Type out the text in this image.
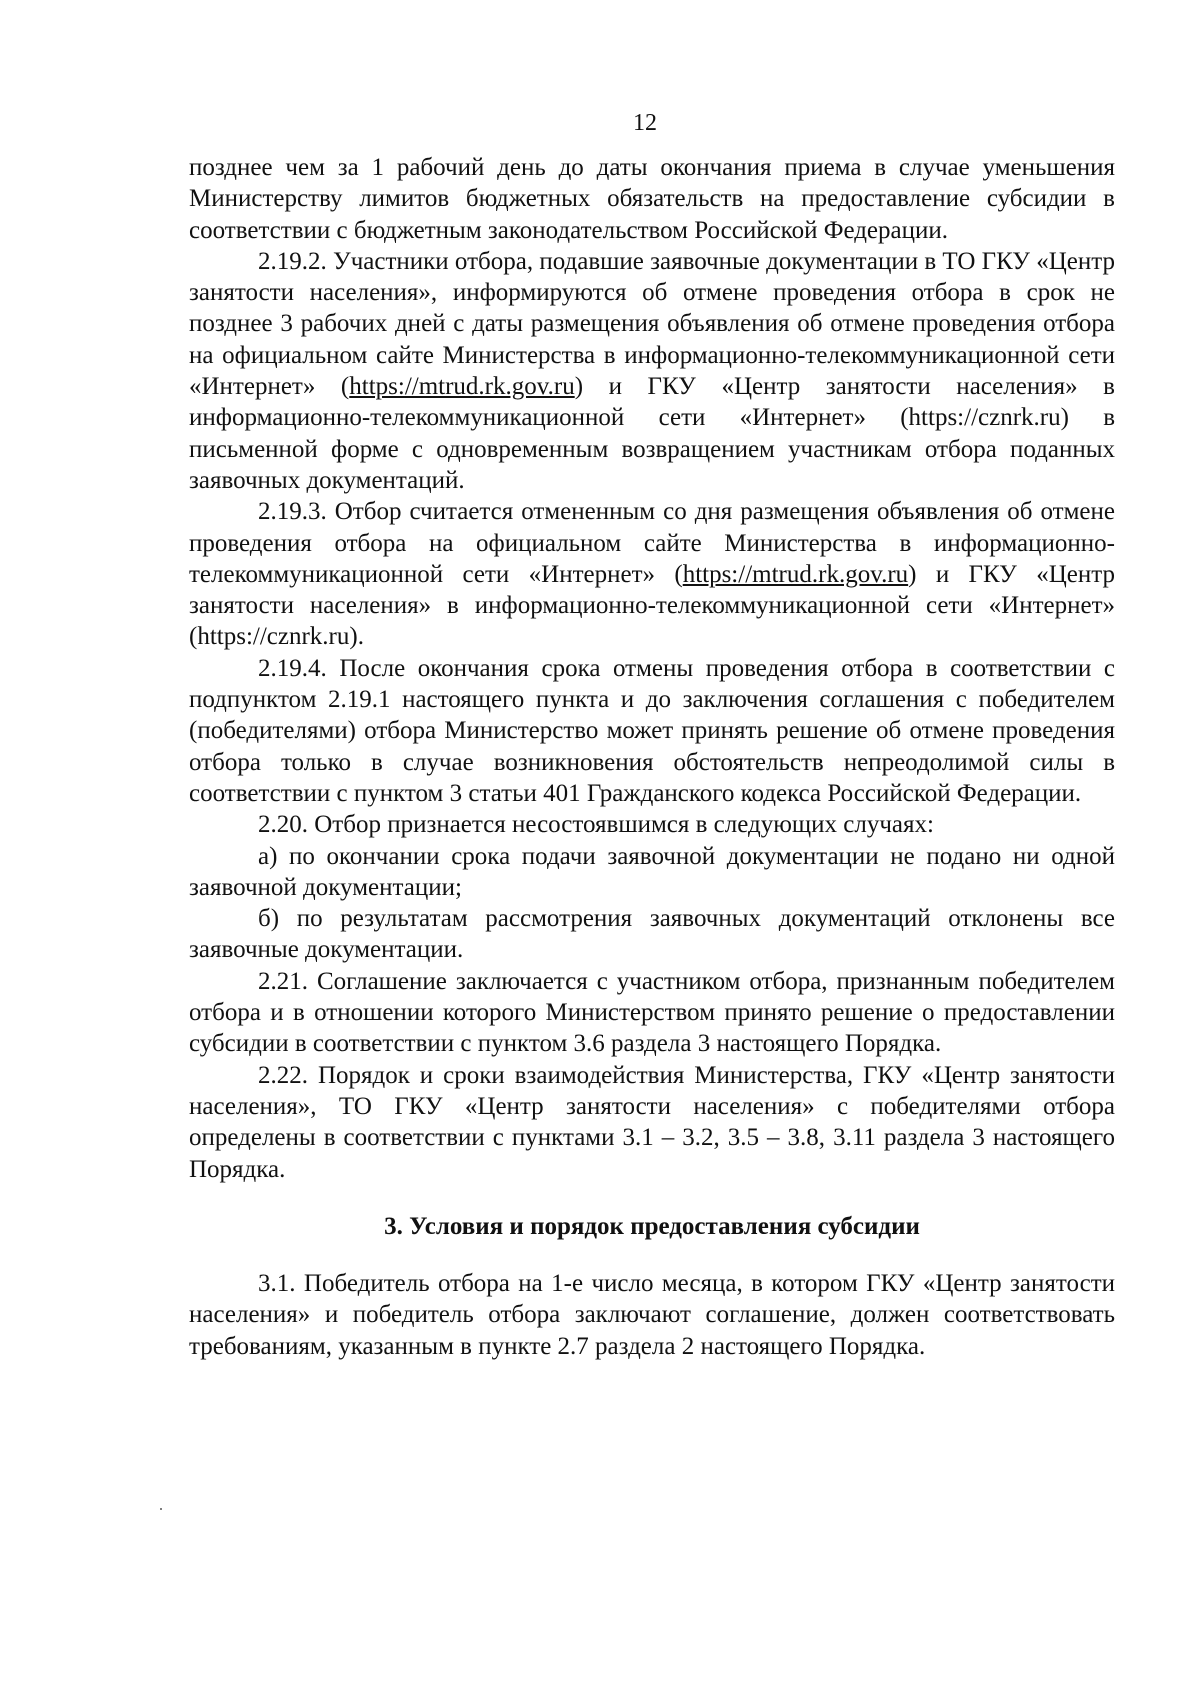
12

позднее чем за 1 рабочий день до даты окончания приема в случае уменьшения Министерству лимитов бюджетных обязательств на предоставление субсидии в соответствии с бюджетным законодательством Российской Федерации.

2.19.2. Участники отбора, подавшие заявочные документации в ТО ГКУ «Центр занятости населения», информируются об отмене проведения отбора в срок не позднее 3 рабочих дней с даты размещения объявления об отмене проведения отбора на официальном сайте Министерства в информационно-телекоммуникационной сети «Интернет» (https://mtrud.rk.gov.ru) и ГКУ «Центр занятости населения» в информационно-телекоммуникационной сети «Интернет» (https://cznrk.ru) в письменной форме с одновременным возвращением участникам отбора поданных заявочных документаций.

2.19.3. Отбор считается отмененным со дня размещения объявления об отмене проведения отбора на официальном сайте Министерства в информационно-телекоммуникационной сети «Интернет» (https://mtrud.rk.gov.ru) и ГКУ «Центр занятости населения» в информационно-телекоммуникационной сети «Интернет» (https://cznrk.ru).

2.19.4. После окончания срока отмены проведения отбора в соответствии с подпунктом 2.19.1 настоящего пункта и до заключения соглашения с победителем (победителями) отбора Министерство может принять решение об отмене проведения отбора только в случае возникновения обстоятельств непреодолимой силы в соответствии с пунктом 3 статьи 401 Гражданского кодекса Российской Федерации.

2.20. Отбор признается несостоявшимся в следующих случаях:

а) по окончании срока подачи заявочной документации не подано ни одной заявочной документации;

б) по результатам рассмотрения заявочных документаций отклонены все заявочные документации.

2.21. Соглашение заключается с участником отбора, признанным победителем отбора и в отношении которого Министерством принято решение о предоставлении субсидии в соответствии с пунктом 3.6 раздела 3 настоящего Порядка.

2.22. Порядок и сроки взаимодействия Министерства, ГКУ «Центр занятости населения», ТО ГКУ «Центр занятости населения» с победителями отбора определены в соответствии с пунктами 3.1 – 3.2, 3.5 – 3.8, 3.11 раздела 3 настоящего Порядка.

3. Условия и порядок предоставления субсидии

3.1. Победитель отбора на 1-е число месяца, в котором ГКУ «Центр занятости населения» и победитель отбора заключают соглашение, должен соответствовать требованиям, указанным в пункте 2.7 раздела 2 настоящего Порядка.
